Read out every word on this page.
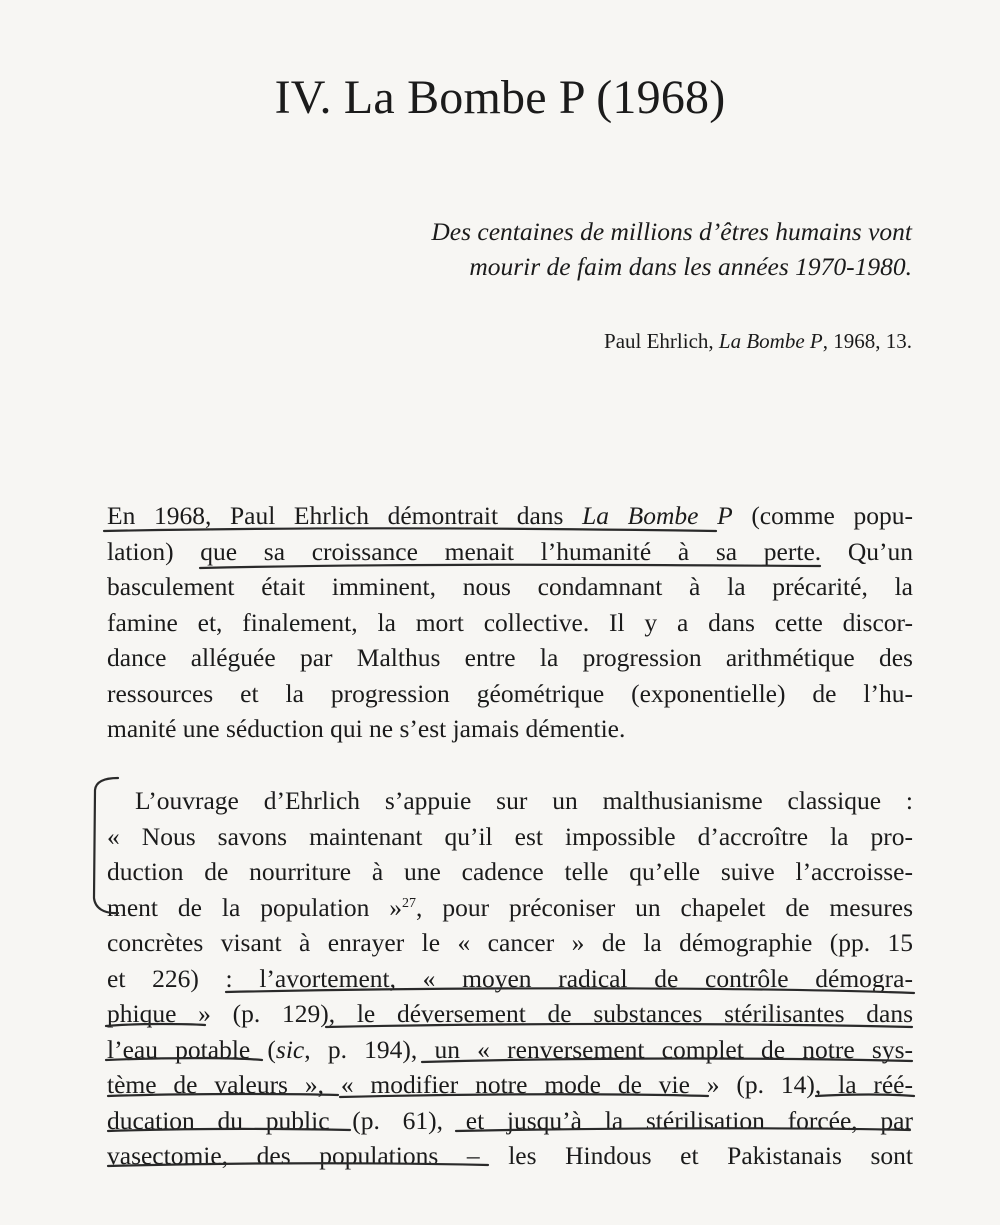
IV. La Bombe P (1968)
Des centaines de millions d’êtres humains vont
mourir de faim dans les années 1970-1980.
Paul Ehrlich, La Bombe P, 1968, 13.
En 1968, Paul Ehrlich démontrait dans La Bombe P (comme popu-
lation) que sa croissance menait l’humanité à sa perte. Qu’un
basculement était imminent, nous condamnant à la précarité, la
famine et, finalement, la mort collective. Il y a dans cette discor-
dance alléguée par Malthus entre la progression arithmétique des
ressources et la progression géométrique (exponentielle) de l’hu-
manité une séduction qui ne s’est jamais démentie.
L’ouvrage d’Ehrlich s’appuie sur un malthusianisme classique :
« Nous savons maintenant qu’il est impossible d’accroître la pro-
duction de nourriture à une cadence telle qu’elle suive l’accroisse-
ment de la population »$^{27}$, pour préconiser un chapelet de mesures
concrètes visant à enrayer le « cancer » de la démographie (pp. 15
et 226) : l’avortement, « moyen radical de contrôle démogra-
phique » (p. 129), le déversement de substances stérilisantes dans
l’eau potable (sic, p. 194), un « renversement complet de notre sys-
tème de valeurs », « modifier notre mode de vie » (p. 14), la réé-
ducation du public (p. 61), et jusqu’à la stérilisation forcée, par
vasectomie, des populations – les Hindous et Pakistanais sont
